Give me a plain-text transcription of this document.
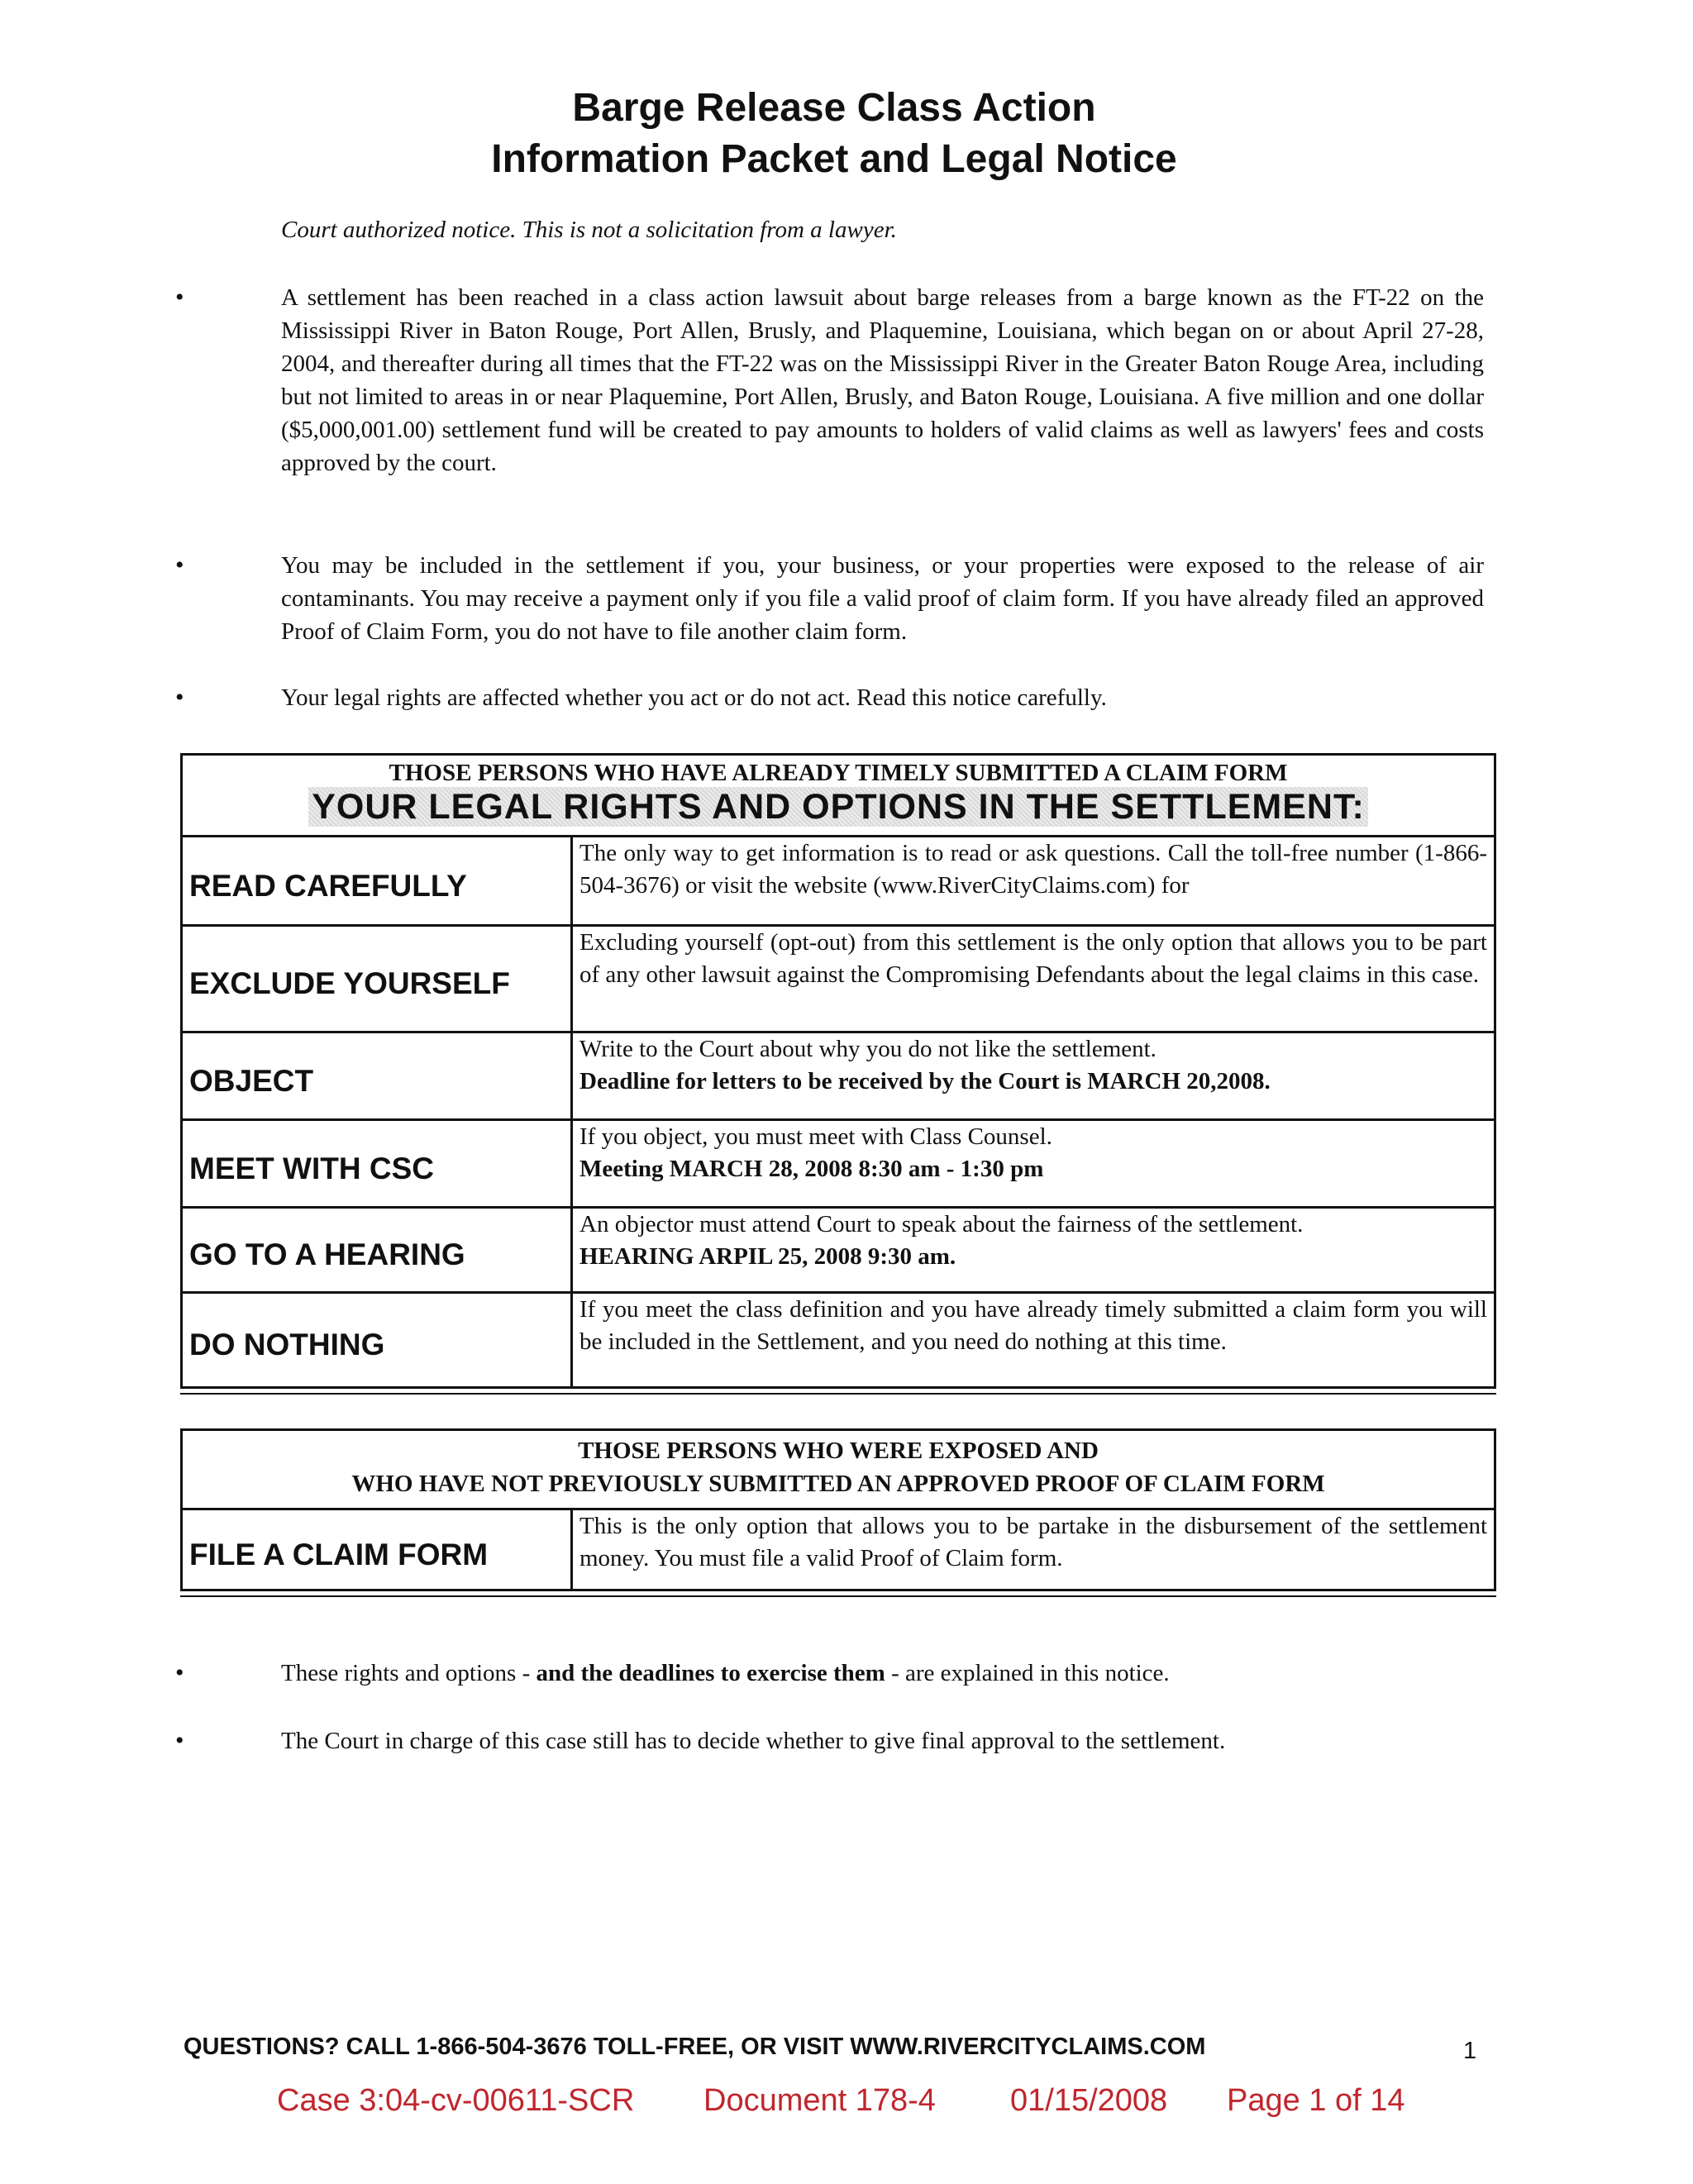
Barge Release Class Action
Information Packet and Legal Notice
Court authorized notice. This is not a solicitation from a lawyer.
•	A settlement has been reached in a class action lawsuit about barge releases from a barge known as the FT-22 on the Mississippi River in Baton Rouge, Port Allen, Brusly, and Plaquemine, Louisiana, which began on or about April 27-28, 2004, and thereafter during all times that the FT-22 was on the Mississippi River in the Greater Baton Rouge Area, including but not limited to areas in or near Plaquemine, Port Allen, Brusly, and Baton Rouge, Louisiana. A five million and one dollar ($5,000,001.00) settlement fund will be created to pay amounts to holders of valid claims as well as lawyers' fees and costs approved by the court.
•	You may be included in the settlement if you, your business, or your properties were exposed to the release of air contaminants. You may receive a payment only if you file a valid proof of claim form. If you have already filed an approved Proof of Claim Form, you do not have to file another claim form.
•	Your legal rights are affected whether you act or do not act. Read this notice carefully.
THOSE PERSONS WHO HAVE ALREADY TIMELY SUBMITTED A CLAIM FORM
YOUR LEGAL RIGHTS AND OPTIONS IN THE SETTLEMENT:
READ CAREFULLY
The only way to get information is to read or ask questions. Call the toll-free number (1-866-504-3676) or visit the website (www.RiverCityClaims.com) for
EXCLUDE YOURSELF
Excluding yourself (opt-out) from this settlement is the only option that allows you to be part of any other lawsuit against the Compromising Defendants about the legal claims in this case.
OBJECT
Write to the Court about why you do not like the settlement.
Deadline for letters to be received by the Court is MARCH 20,2008.
MEET WITH CSC
If you object, you must meet with Class Counsel.
Meeting MARCH 28, 2008 8:30 am - 1:30 pm
GO TO A HEARING
An objector must attend Court to speak about the fairness of the settlement.
HEARING ARPIL 25, 2008 9:30 am.
DO NOTHING
If you meet the class definition and you have already timely submitted a claim form you will be included in the Settlement, and you need do nothing at this time.
THOSE PERSONS WHO WERE EXPOSED AND
WHO HAVE NOT PREVIOUSLY SUBMITTED AN APPROVED PROOF OF CLAIM FORM
FILE A CLAIM FORM
This is the only option that allows you to be partake in the disbursement of the settlement money. You must file a valid Proof of Claim form.
•	These rights and options - and the deadlines to exercise them - are explained in this notice.
•	The Court in charge of this case still has to decide whether to give final approval to the settlement.
QUESTIONS? CALL 1-866-504-3676 TOLL-FREE, OR VISIT WWW.RIVERCITYCLAIMS.COM	1
Case 3:04-cv-00611-SCR Document 178-4 01/15/2008 Page 1 of 14
